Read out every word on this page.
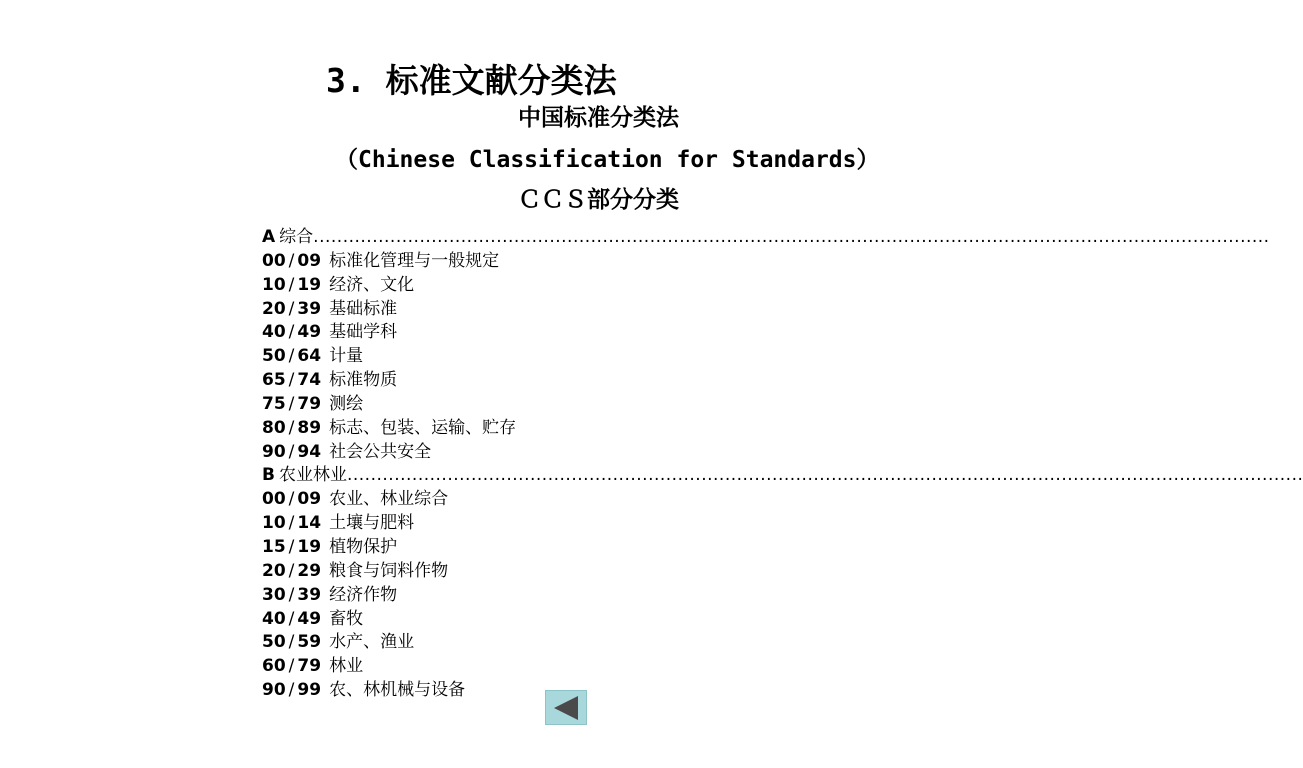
3. 标准文献分类法
中国标准分类法
（Chinese Classification for Standards）
ＣＣＳ部分分类
A 综合 ..................................................................................................................................................................
00 / 09 标准化管理与一般规定
10 / 19 经济、文化
20 / 39 基础标准
40 / 49 基础学科
50 / 64 计量
65 / 74 标准物质
75 / 79 测绘
80 / 89 标志、包装、运输、贮存
90 / 94 社会公共安全
B 农业林业 ..................................................................................................................................................................
00 / 09 农业、林业综合
10 / 14 土壤与肥料
15 / 19 植物保护
20 / 29 粮食与饲料作物
30 / 39 经济作物
40 / 49 畜牧
50 / 59 水产、渔业
60 / 79 林业
90 / 99 农、林机械与设备
